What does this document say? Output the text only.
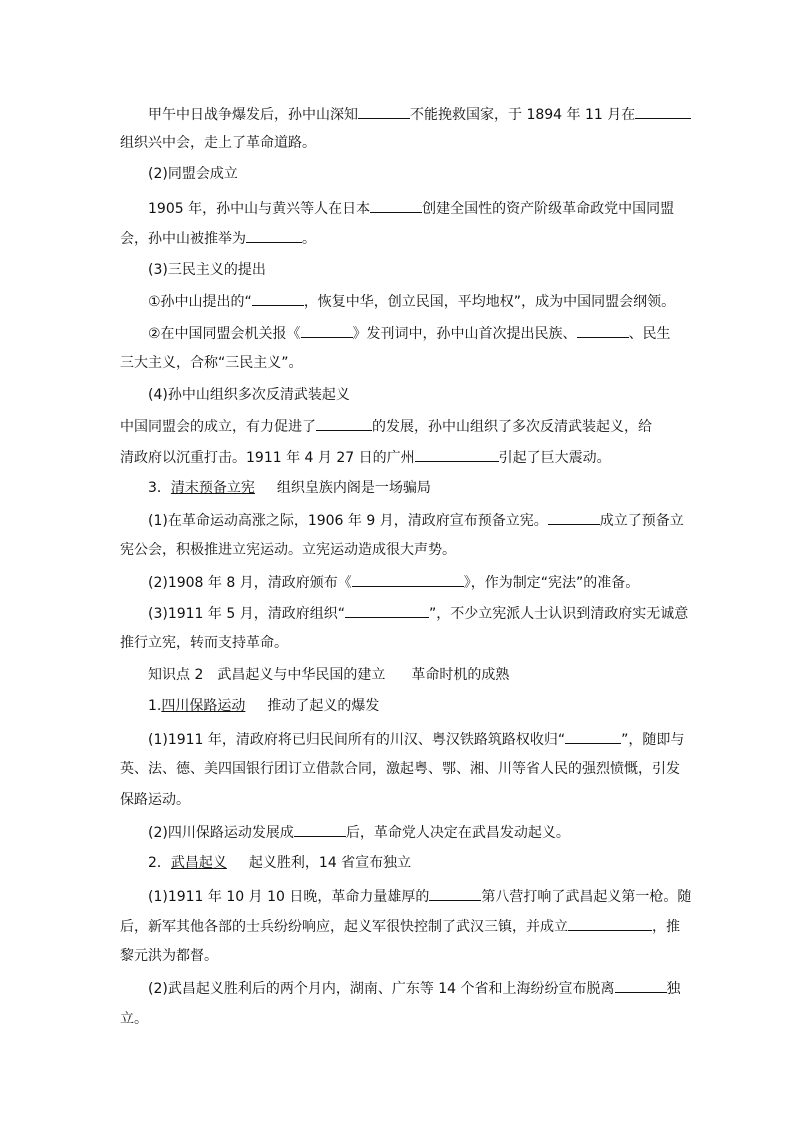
甲午中日战争爆发后，孙中山深知	不能挽救国家，于 1894 年 11 月在
组织兴中会，走上了革命道路。
(2)同盟会成立
1905 年，孙中山与黄兴等人在日本	创建全国性的资产阶级革命政党中国同盟
会，孙中山被推举为	。
(3)三民主义的提出
①孙中山提出的“	，恢复中华，创立民国，平均地权”，成为中国同盟会纲领。
②在中国同盟会机关报《	》发刊词中，孙中山首次提出民族、	、民生
三大主义，合称“三民主义”。
(4)孙中山组织多次反清武装起义
中国同盟会的成立，有力促进了	的发展，孙中山组织了多次反清武装起义，给
清政府以沉重打击。1911 年 4 月 27 日的广州	引起了巨大震动。
3．清末预备立宪 组织皇族内阁是一场骗局
(1)在革命运动高涨之际，1906 年 9 月，清政府宣布预备立宪。	成立了预备立
宪公会，积极推进立宪运动。立宪运动造成很大声势。
(2)1908 年 8 月，清政府颁布《	》，作为制定“宪法”的准备。
(3)1911 年 5 月，清政府组织“	”，不少立宪派人士认识到清政府实无诚意
推行立宪，转而支持革命。
知识点 2　武昌起义与中华民国的建立 革命时机的成熟
1.四川保路运动 推动了起义的爆发
(1)1911 年，清政府将已归民间所有的川汉、粤汉铁路筑路权收归“	”，随即与
英、法、德、美四国银行团订立借款合同，激起粤、鄂、湘、川等省人民的强烈愤慨，引发
保路运动。
(2)四川保路运动发展成	后，革命党人决定在武昌发动起义。
2．武昌起义 起义胜利，14 省宣布独立
(1)1911 年 10 月 10 日晚，革命力量雄厚的	第八营打响了武昌起义第一枪。随
后，新军其他各部的士兵纷纷响应，起义军很快控制了武汉三镇，并成立	，推
黎元洪为都督。
(2)武昌起义胜利后的两个月内，湖南、广东等 14 个省和上海纷纷宣布脱离	独
立。
